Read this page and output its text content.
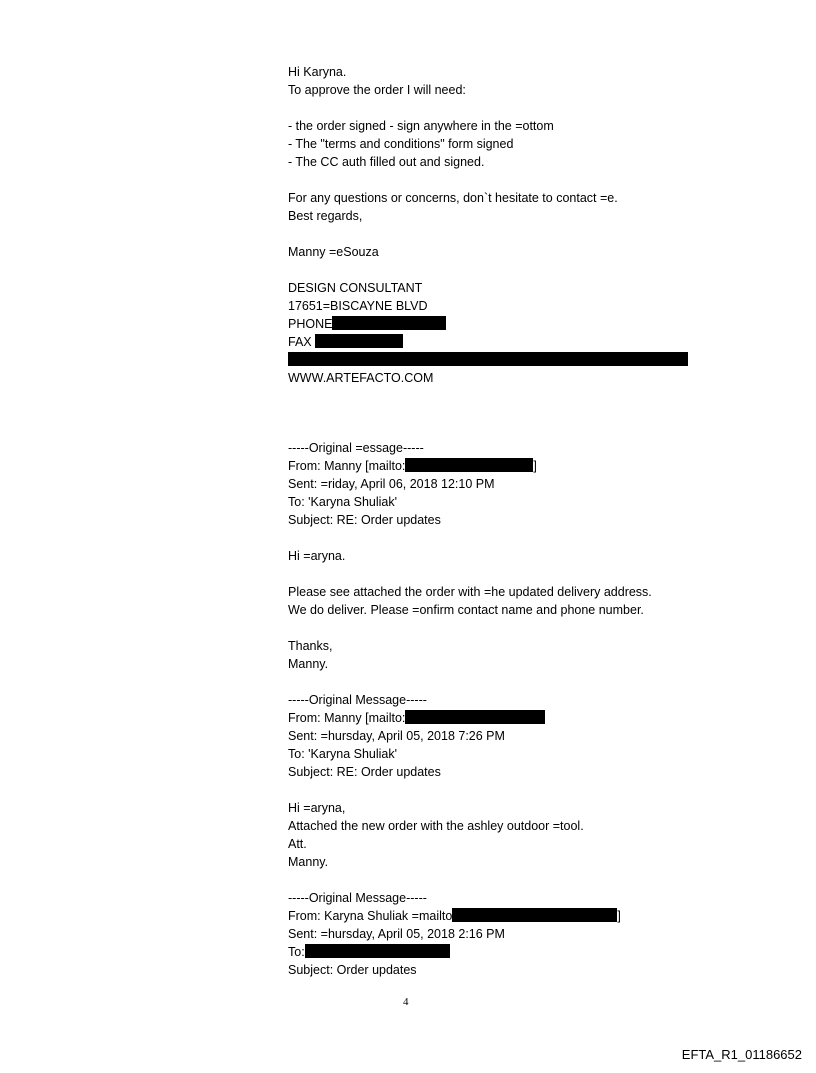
Hi Karyna.
To approve the order I will need:
- the order signed - sign anywhere in the =ottom
- The "terms and conditions" form signed
- The CC auth filled out and signed.
For any questions or concerns, don`t hesitate to contact =e.
Best regards,
Manny =eSouza
DESIGN CONSULTANT
17651=BISCAYNE BLVD
PHONE
FAX
WWW.ARTEFACTO.COM
-----Original =essage-----
From: Manny [mailto:	]
Sent: =riday, April 06, 2018 12:10 PM
To: 'Karyna Shuliak'
Subject: RE: Order updates
Hi =aryna.
Please see attached the order with =he updated delivery address.
We do deliver. Please =onfirm contact name and phone number.
Thanks,
Manny.
-----Original Message-----
From: Manny [mailto:
Sent: =hursday, April 05, 2018 7:26 PM
To: 'Karyna Shuliak'
Subject: RE: Order updates
Hi =aryna,
Attached the new order with the ashley outdoor =tool.
Att.
Manny.
-----Original Message-----
From: Karyna Shuliak =mailto	]
Sent: =hursday, April 05, 2018 2:16 PM
To:
Subject: Order updates
4
EFTA_R1_01186652
